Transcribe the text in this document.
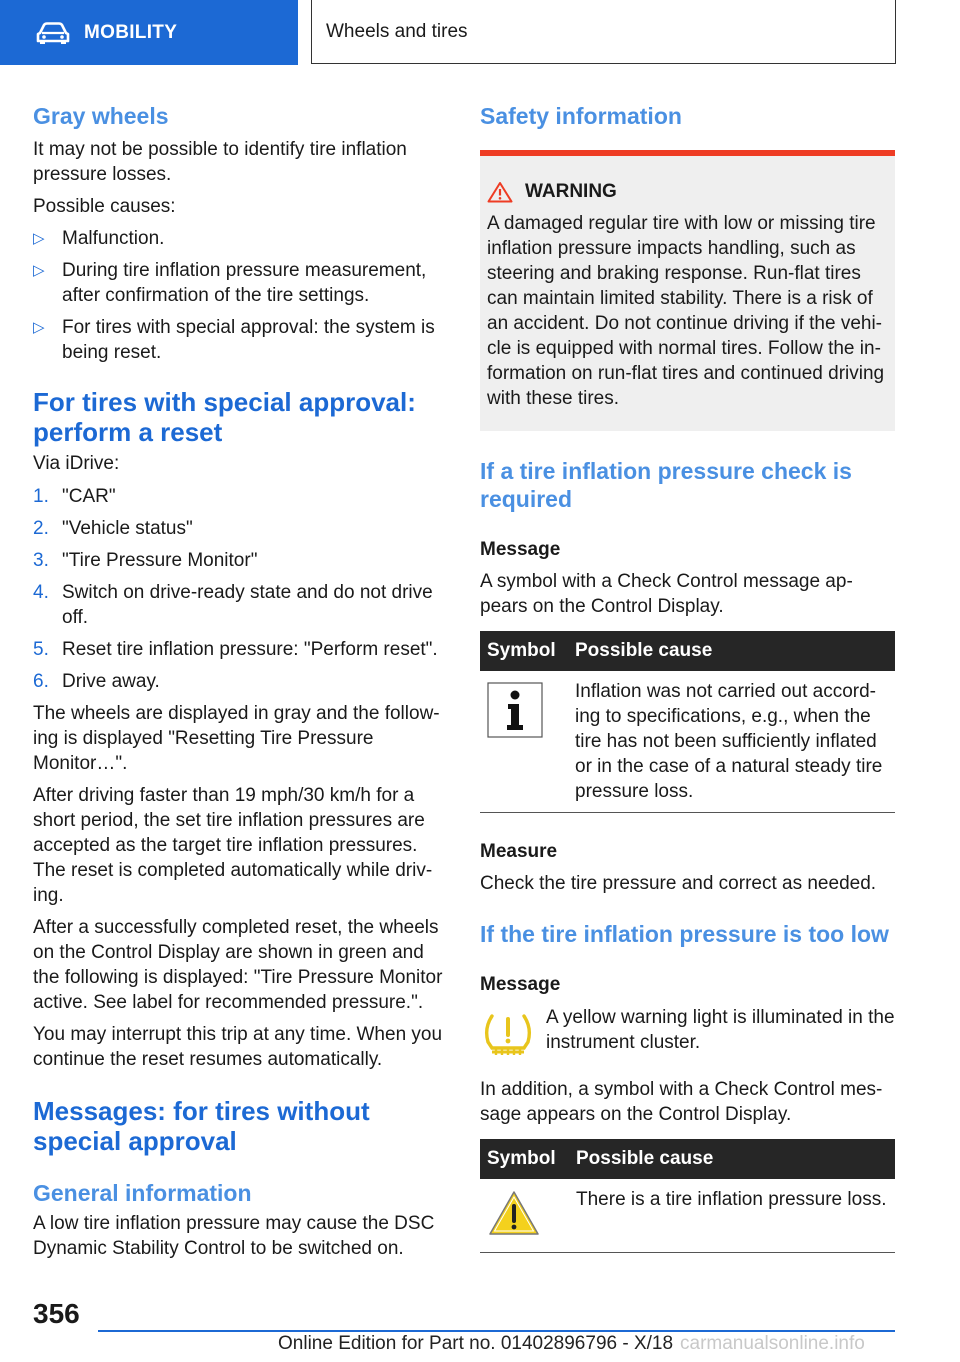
MOBILITY	Wheels and tires
Gray wheels

It may not be possible to identify tire inflation pressure losses.

Possible causes:

▷ Malfunction.
▷ During tire inflation pressure measurement, after confirmation of the tire settings.
▷ For tires with special approval: the system is being reset.
For tires with special approval: perform a reset

Via iDrive:

1. "CAR"
2. "Vehicle status"
3. "Tire Pressure Monitor"
4. Switch on drive-ready state and do not drive off.
5. Reset tire inflation pressure: "Perform reset".
6. Drive away.

The wheels are displayed in gray and the follow‐ing is displayed "Resetting Tire Pressure Monitor…".

After driving faster than 19 mph/30 km/h for a short period, the set tire inflation pressures are accepted as the target tire inflation pressures. The reset is completed automatically while driv‐ing.

After a successfully completed reset, the wheels on the Control Display are shown in green and the following is displayed: "Tire Pressure Monitor active. See label for recommended pressure.".

You may interrupt this trip at any time. When you continue the reset resumes automatically.

Messages: for tires without special approval
General information

A low tire inflation pressure may cause the DSC Dynamic Stability Control to be switched on.

Safety information
WARNING

A damaged regular tire with low or missing tire inflation pressure impacts handling, such as steering and braking response. Run-flat tires can maintain limited stability. There is a risk of an accident. Do not continue driving if the vehi‐cle is equipped with normal tires. Follow the in‐formation on run-flat tires and continued driving with these tires.

If a tire inflation pressure check is required
Message

A symbol with a Check Control message ap‐pears on the Control Display.

Symbol	Possible cause
	Inflation was not carried out accord‐ing to specifications, e.g., when the tire has not been sufficiently inflated or in the case of a natural steady tire pressure loss.
Measure

Check the tire pressure and correct as needed.

If the tire inflation pressure is too low
Message

A yellow warning light is illuminated in the instrument cluster.

In addition, a symbol with a Check Control mes‐sage appears on the Control Display.

Symbol	Possible cause
	There is a tire inflation pressure loss.
356
Online Edition for Part no. 01402896796 - X/18 carmanualsonline.info
